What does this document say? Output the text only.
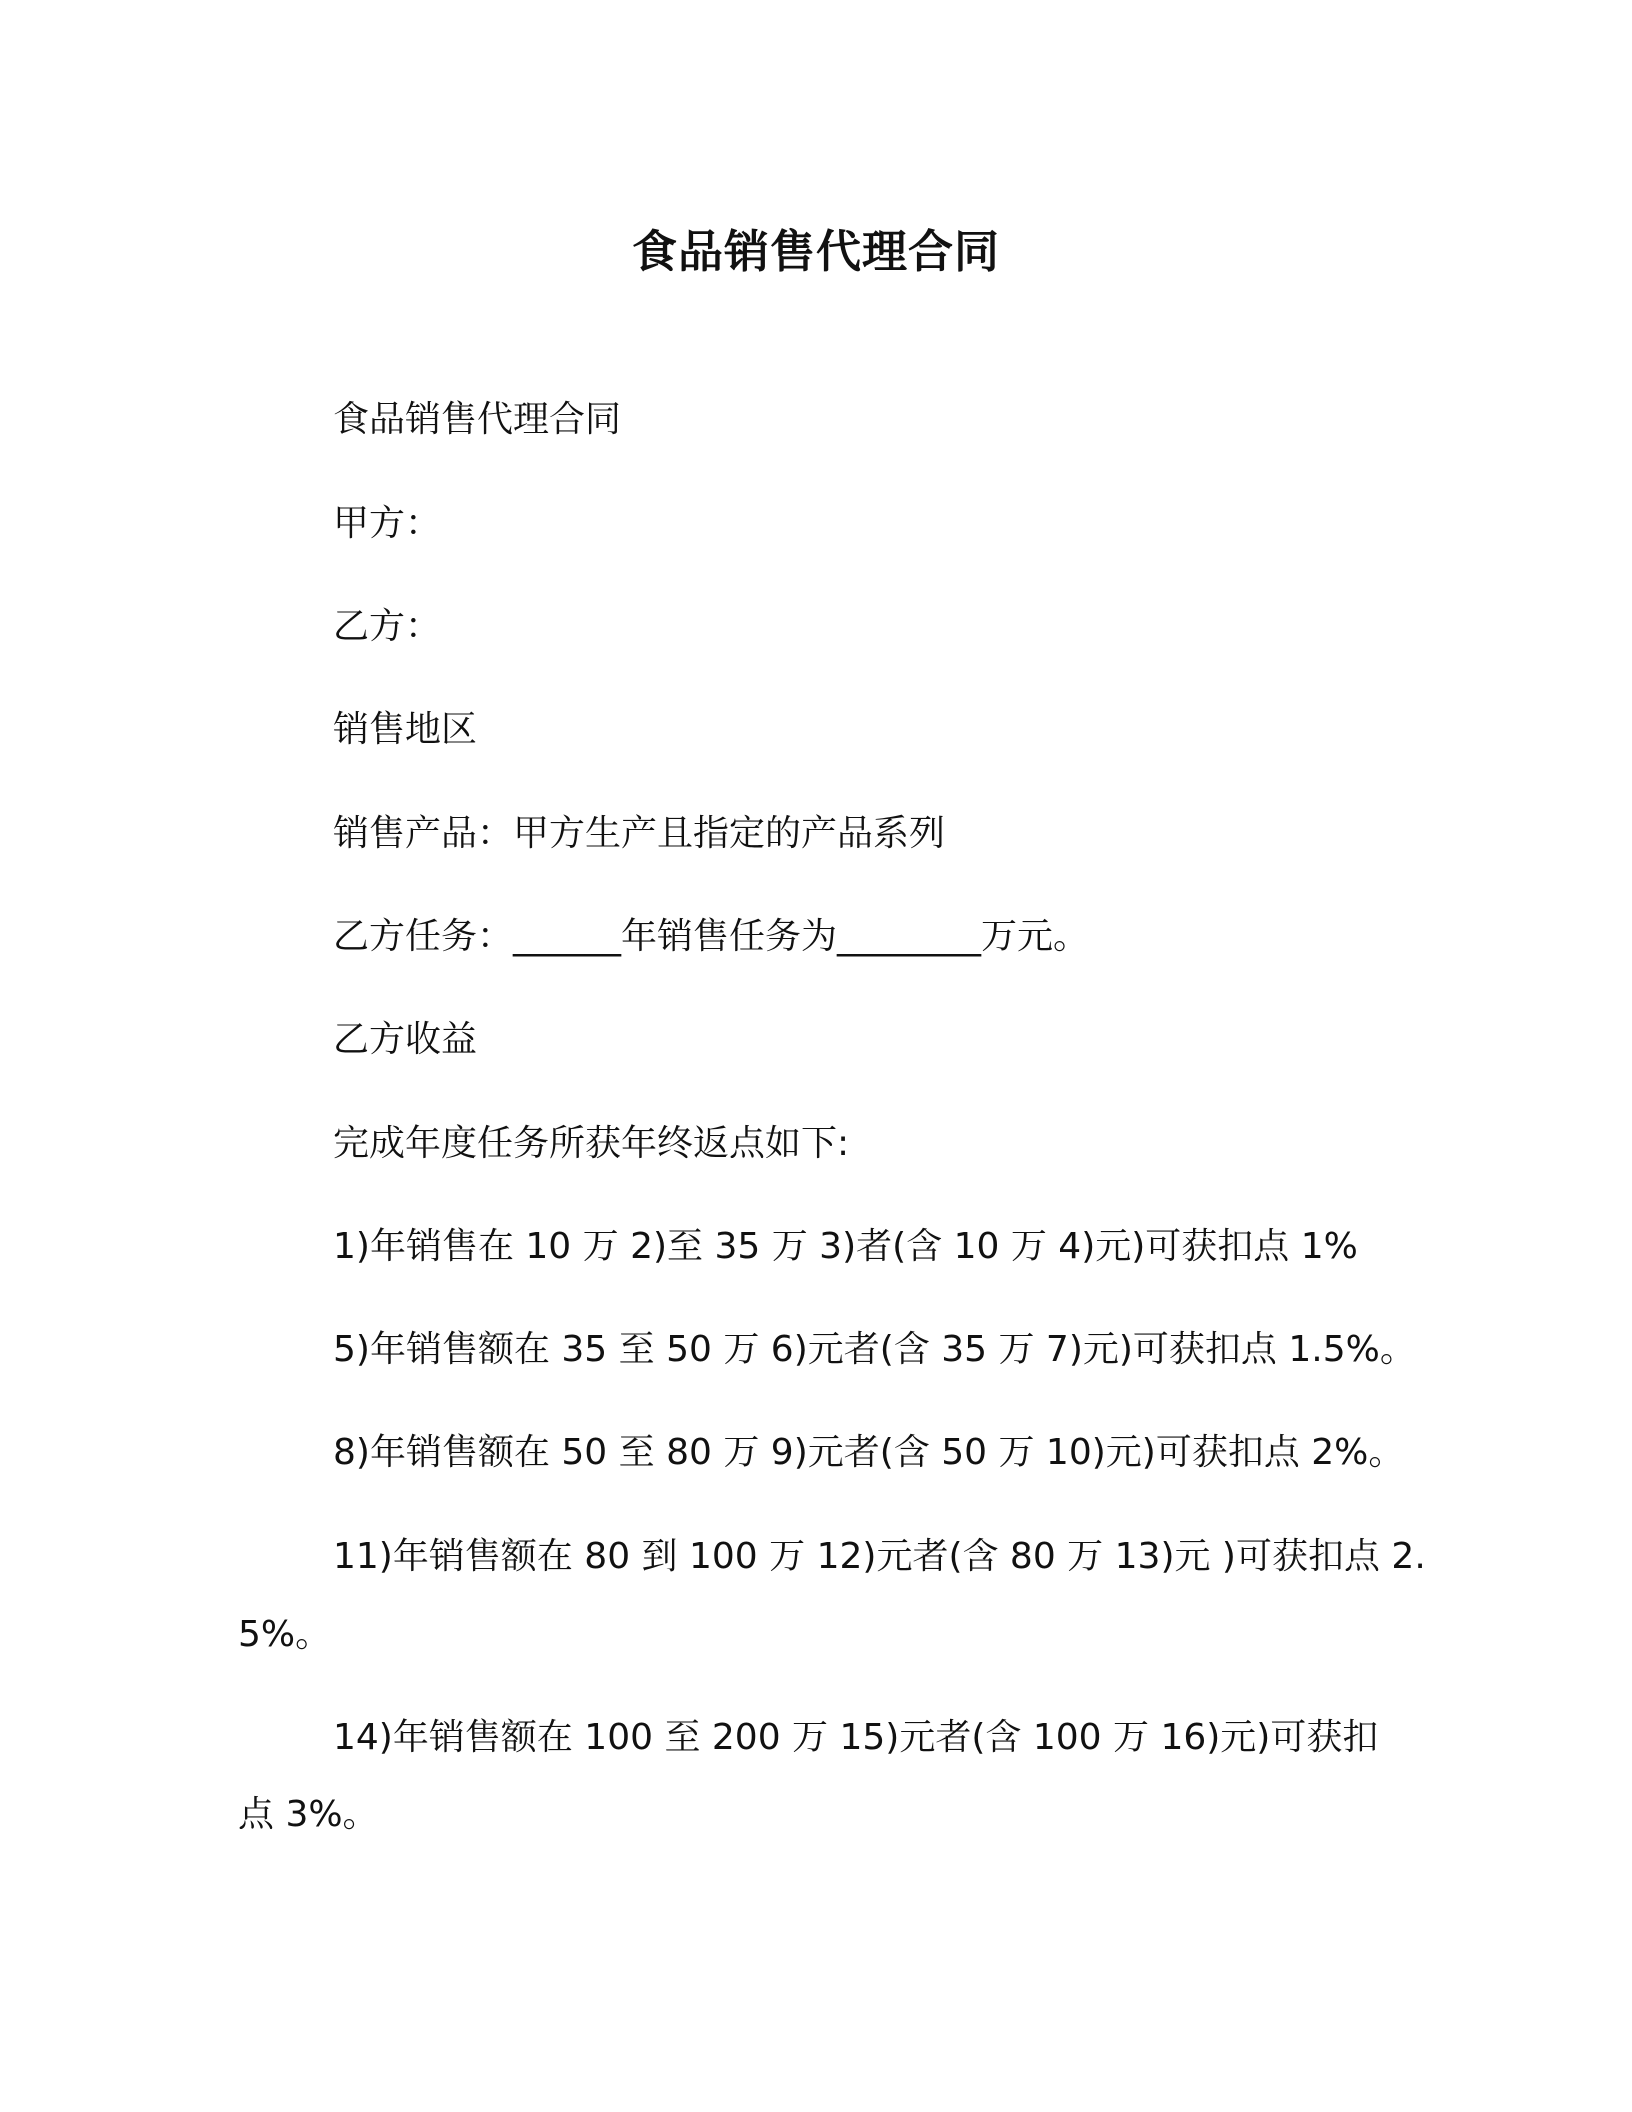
食品销售代理合同
食品销售代理合同
甲方：
乙方：
销售地区
销售产品：甲方生产且指定的产品系列
乙方任务：______年销售任务为________万元。
乙方收益
完成年度任务所获年终返点如下:
1)年销售在 10 万 2)至 35 万 3)者(含 10 万 4)元)可获扣点 1%
5)年销售额在 35 至 50 万 6)元者(含 35 万 7)元)可获扣点 1.5%。
8)年销售额在 50 至 80 万 9)元者(含 50 万 10)元)可获扣点 2%。
11)年销售额在 80 到 100 万 12)元者(含 80 万 13)元 )可获扣点 2.
5%。
14)年销售额在 100 至 200 万 15)元者(含 100 万 16)元)可获扣
点 3%。
